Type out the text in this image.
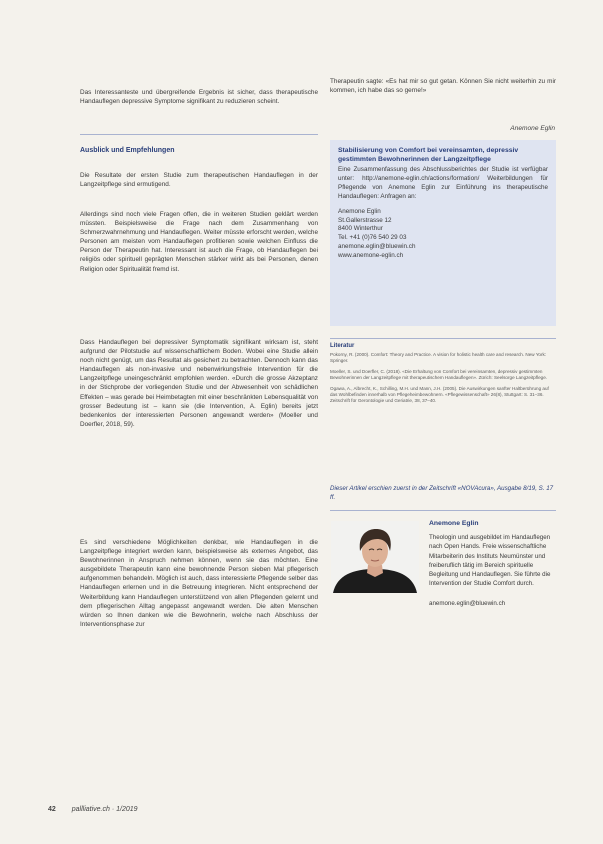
Das Interessanteste und übergreifende Ergebnis ist sicher, dass therapeutische Handauflegen depressive Symptome signifikant zu reduzieren scheint.

Ausblick und Empfehlungen

Die Resultate der ersten Studie zum therapeutischen Handauflegen in der Langzeitpflege sind ermutigend.

Allerdings sind noch viele Fragen offen, die in weiteren Studien geklärt werden müssten. Beispielsweise die Frage nach dem Zusammenhang von Schmerzwahrnehmung und Handauflegen. Weiter müsste erforscht werden, welche Personen am meisten vom Handauflegen profitieren sowie welchen Einfluss die Person der Therapeutin hat. Interessant ist auch die Frage, ob Handauflegen bei religiös oder spirituell geprägten Menschen stärker wirkt als bei Personen, denen Religion oder Spiritualität fremd ist.

Dass Handauflegen bei depressiver Symptomatik signifikant wirksam ist, steht aufgrund der Pilotstudie auf wissenschaftlichem Boden. Wobei eine Studie allein noch nicht genügt, um das Resultat als gesichert zu betrachten. Dennoch kann das Handauflegen als non-invasive und nebenwirkungsfreie Intervention für die Langzeitpflege uneingeschränkt empfohlen werden. «Durch die grosse Akzeptanz in der Stichprobe der vorliegenden Studie und der Abwesenheit von schädlichen Effekten – was gerade bei Heimbetagten mit einer beschränkten Lebensqualität von grosser Bedeutung ist – kann sie (die Intervention, A. Eglin) bereits jetzt bedenkenlos der interessierten Personen angewandt werden» (Moeller und Doerfler, 2018, 59).

Es sind verschiedene Möglichkeiten denkbar, wie Handauflegen in die Langzeitpflege integriert werden kann, beispielsweise als externes Angebot, das Bewohnerinnen in Anspruch nehmen können, wenn sie das möchten. Eine ausgebildete Therapeutin kann eine bewohnende Person sieben Mal pflegerisch aufgenommen behandeln. Möglich ist auch, dass interessierte Pflegende selber das Handauflegen erlernen und in die Betreuung integrieren. Nicht entsprechend der Weiterbildung kann Handauflegen unterstützend von allen Pflegenden gelernt und dem pflegerischen Alltag angepasst angewandt werden. Die alten Menschen würden so Ihnen danken wie die Bewohnerin, welche nach Abschluss der Interventionsphase zur

Therapeutin sagte: «Es hat mir so gut getan. Können Sie nicht weiterhin zu mir kommen, ich habe das so gerne!»

Anemone Eglin

Stabilisierung von Comfort bei vereinsamten, depressiv gestimmten Bewohnerinnen der Langzeitpflege

Eine Zusammenfassung des Abschlussberichtes der Studie ist verfügbar unter: http://anemone-eglin.ch/actions/formation/ Weiterbildungen für Pflegende von Anemone Eglin zur Einführung ins therapeutische Handauflegen: Anfragen an:

Anemone Eglin

St.Gallerstrasse 12

8400 Winterthur

Tel. +41 (0)76 540 29 03

anemone.eglin@bluewin.ch

www.anemone-eglin.ch

Literatur

Pokorny, R. (2000). Comfort: Theory and Practice. A vision for holistic health care and research. New York: Springer.

Moeller, S. und Doerfler, C. (2018). «Die Erhaltung von Comfort bei vereinsamten, depressiv gestimmten Bewohnerinnen der Langzeitpflege mit therapeutischem Handauflegen». Zürich: Seelsorge Langzeitpflege.

Ogawa, A., Albrecht, K., Schilling, M.H. und Mann, J.H. (2005). Die Auswirkungen sanfter Haltberührung auf das Wohlbefinden innerhalb von Pflegeheimbewohnern. «Pflegewissenschaft» 26(8), Stuttgart: S. 31–36. Zeitschrift für Gerontologie und Geriatrie, 38, 37–40.

Dieser Artikel erschien zuerst in der Zeitschrift «NOVAcura», Ausgabe 8/19, S. 17 ff.

Anemone Eglin

Theologin und ausgebildet im Handauflegen nach Open Hands. Freie wissenschaftliche Mitarbeiterin des Instituts Neumünster und freiberuflich tätig im Bereich spirituelle Begleitung und Handauflegen. Sie führte die Intervention der Studie Comfort durch.

anemone.eglin@bluewin.ch

42 pallliative.ch · 1/2019
